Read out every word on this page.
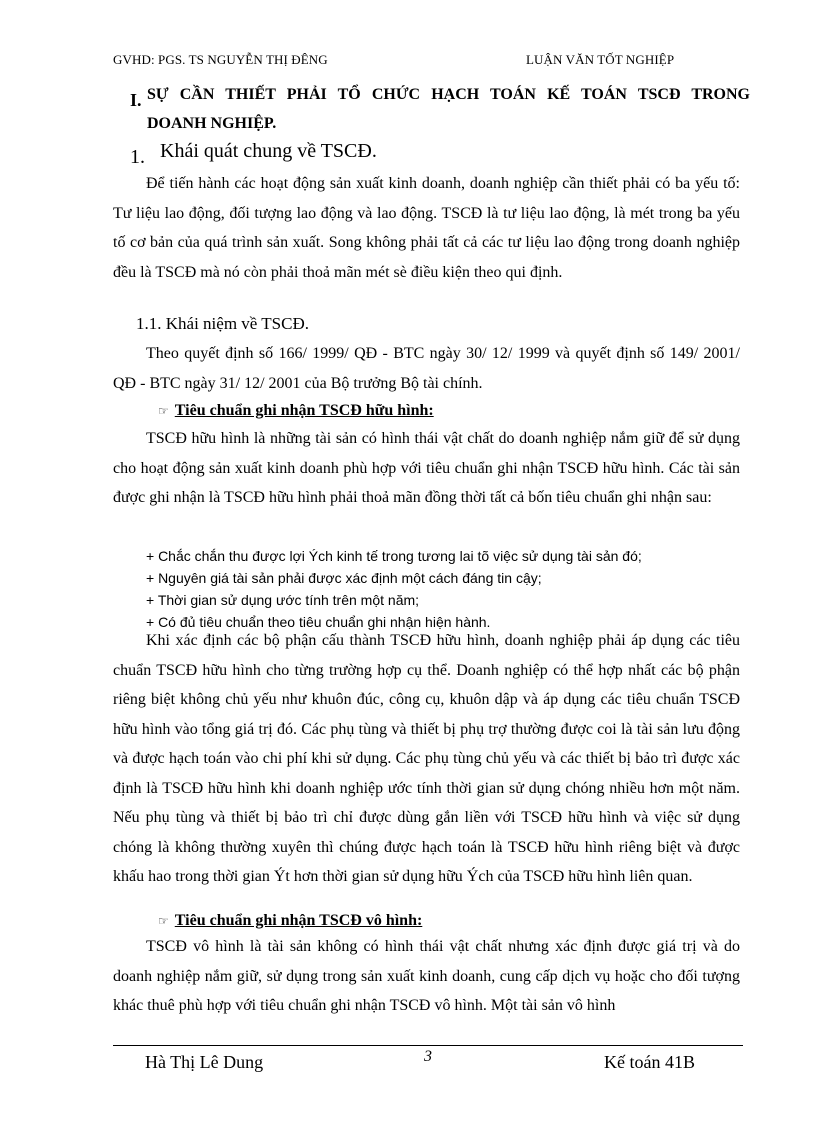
GVHD: PGS. TS NGUYỄN THỊ ĐÊNG	LUẬN VĂN TỐT NGHIỆP
I. SỰ CẦN THIẾT PHẢI TỔ CHỨC HẠCH TOÁN KẾ TOÁN TSCĐ TRONG
DOANH NGHIỆP.
1. Khái quát chung về TSCĐ.

Để tiến hành các hoạt động sản xuất kinh doanh, doanh nghiệp cần thiết phải có ba yếu tố: Tư liệu lao động, đối tượng lao động và lao động. TSCĐ là tư liệu lao động, là mét trong ba yếu tố cơ bản của quá trình sản xuất. Song không phải tất cả các tư liệu lao động trong doanh nghiệp đều là TSCĐ mà nó còn phải thoả mãn mét sè điều kiện theo qui định.

1.1. Khái niệm về TSCĐ.

Theo quyết định số 166/ 1999/ QĐ - BTC ngày 30/ 12/ 1999 và quyết định số 149/ 2001/ QĐ - BTC ngày 31/ 12/ 2001 của Bộ trưởng Bộ tài chính.

☞ Tiêu chuẩn ghi nhận TSCĐ hữu hình:

TSCĐ hữu hình là những tài sản có hình thái vật chất do doanh nghiệp nắm giữ để sử dụng cho hoạt động sản xuất kinh doanh phù hợp với tiêu chuẩn ghi nhận TSCĐ hữu hình. Các tài sản được ghi nhận là TSCĐ hữu hình phải thoả mãn đồng thời tất cả bốn tiêu chuẩn ghi nhận sau:

+ Chắc chắn thu được lợi Ých kinh tế trong tương lai tõ việc sử dụng tài sản đó;
+ Nguyên giá tài sản phải được xác định một cách đáng tin cậy;
+ Thời gian sử dụng ước tính trên một năm;
+ Có đủ tiêu chuẩn theo tiêu chuẩn ghi nhận hiện hành.

Khi xác định các bộ phận cấu thành TSCĐ hữu hình, doanh nghiệp phải áp dụng các tiêu chuẩn TSCĐ hữu hình cho từng trường hợp cụ thể. Doanh nghiệp có thể hợp nhất các bộ phận riêng biệt không chủ yếu như khuôn đúc, công cụ, khuôn dập và áp dụng các tiêu chuẩn TSCĐ hữu hình vào tổng giá trị đó. Các phụ tùng và thiết bị phụ trợ thường được coi là tài sản lưu động và được hạch toán vào chi phí khi sử dụng. Các phụ tùng chủ yếu và các thiết bị bảo trì được xác định là TSCĐ hữu hình khi doanh nghiệp ước tính thời gian sử dụng chóng nhiều hơn một năm. Nếu phụ tùng và thiết bị bảo trì chỉ được dùng gắn liền với TSCĐ hữu hình và việc sử dụng chóng là không thường xuyên thì chúng được hạch toán là TSCĐ hữu hình riêng biệt và được khấu hao trong thời gian Ýt hơn thời gian sử dụng hữu Ých của TSCĐ hữu hình liên quan.

☞ Tiêu chuẩn ghi nhận TSCĐ vô hình:

TSCĐ vô hình là tài sản không có hình thái vật chất nhưng xác định được giá trị và do doanh nghiệp nắm giữ, sử dụng trong sản xuất kinh doanh, cung cấp dịch vụ hoặc cho đối tượng khác thuê phù hợp với tiêu chuẩn ghi nhận TSCĐ vô hình. Một tài sản vô hình

Hà Thị Lê Dung	3	Kế toán 41B
